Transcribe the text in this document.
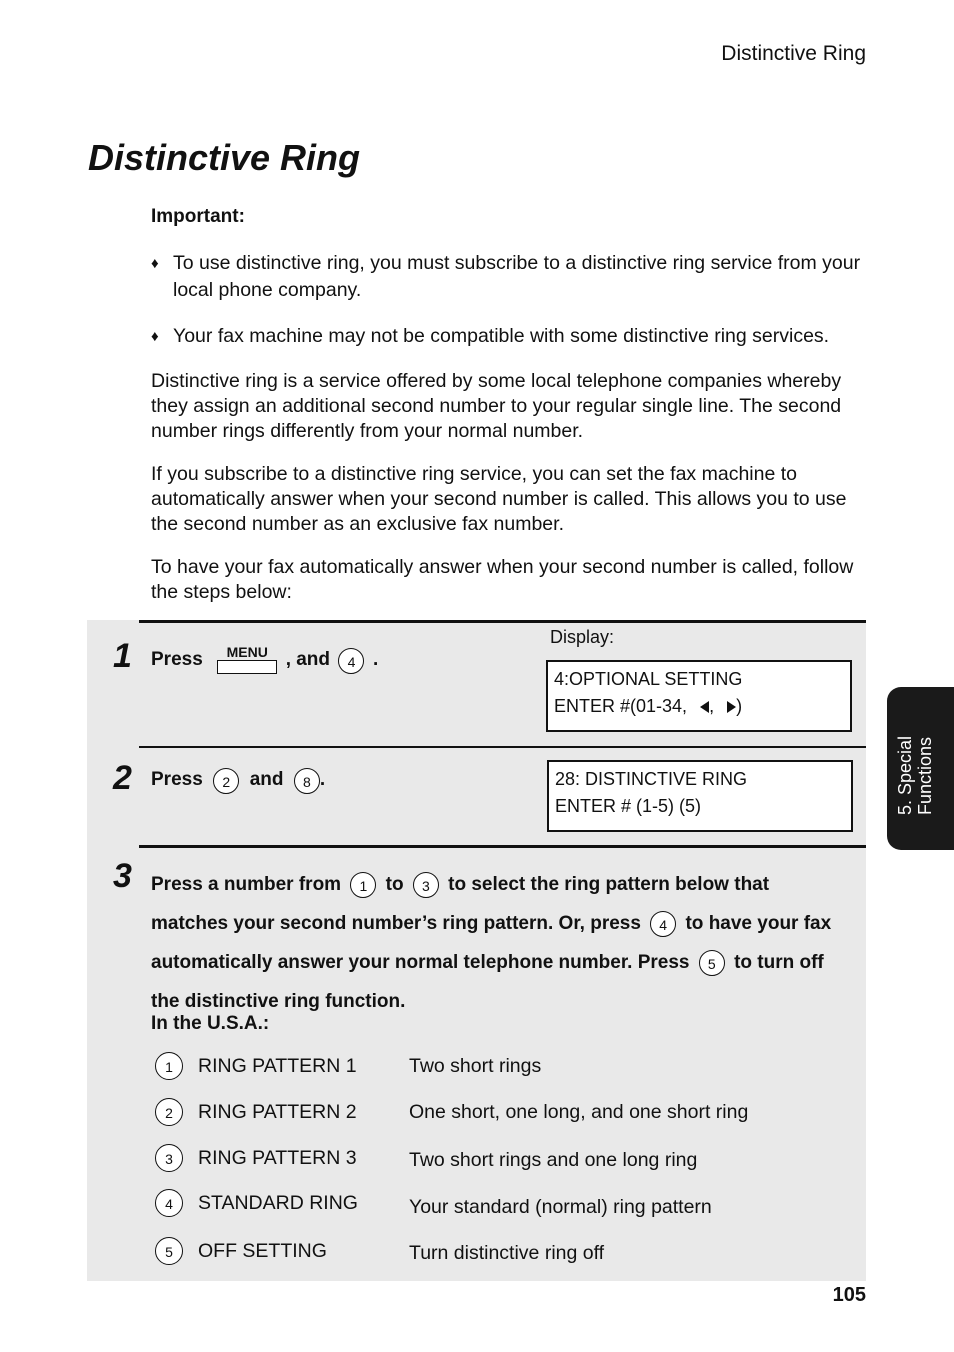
Distinctive Ring
Distinctive Ring
Important:
♦ To use distinctive ring, you must subscribe to a distinctive ring service from your local phone company.
♦ Your fax machine may not be compatible with some distinctive ring services.

Distinctive ring is a service offered by some local telephone companies whereby they assign an additional second number to your regular single line. The second number rings differently from your normal number.

If you subscribe to a distinctive ring service, you can set the fax machine to automatically answer when your second number is called. This allows you to use the second number as an exclusive fax number.

To have your fax automatically answer when your second number is called, follow the steps below:

1 Press	MENU , and 4 .
Display:
4:OPTIONAL SETTING
ENTER #(01-34, , )
2 Press 2 and 8 .	28: DISTINCTIVE RING
ENTER # (1-5) (5)
3 Press a number from 1 to 3 to select the ring pattern below that matches your second number’s ring pattern. Or, press 4 to have your fax automatically answer your normal telephone number. Press 5 to turn off the distinctive ring function.
In the U.S.A.:
1	RING PATTERN 1	Two short rings
2	RING PATTERN 2	One short, one long, and one short ring
3	RING PATTERN 3	Two short rings and one long ring
4	STANDARD RING	Your standard (normal) ring pattern
5	OFF SETTING	Turn distinctive ring off
5. Special Functions
105
